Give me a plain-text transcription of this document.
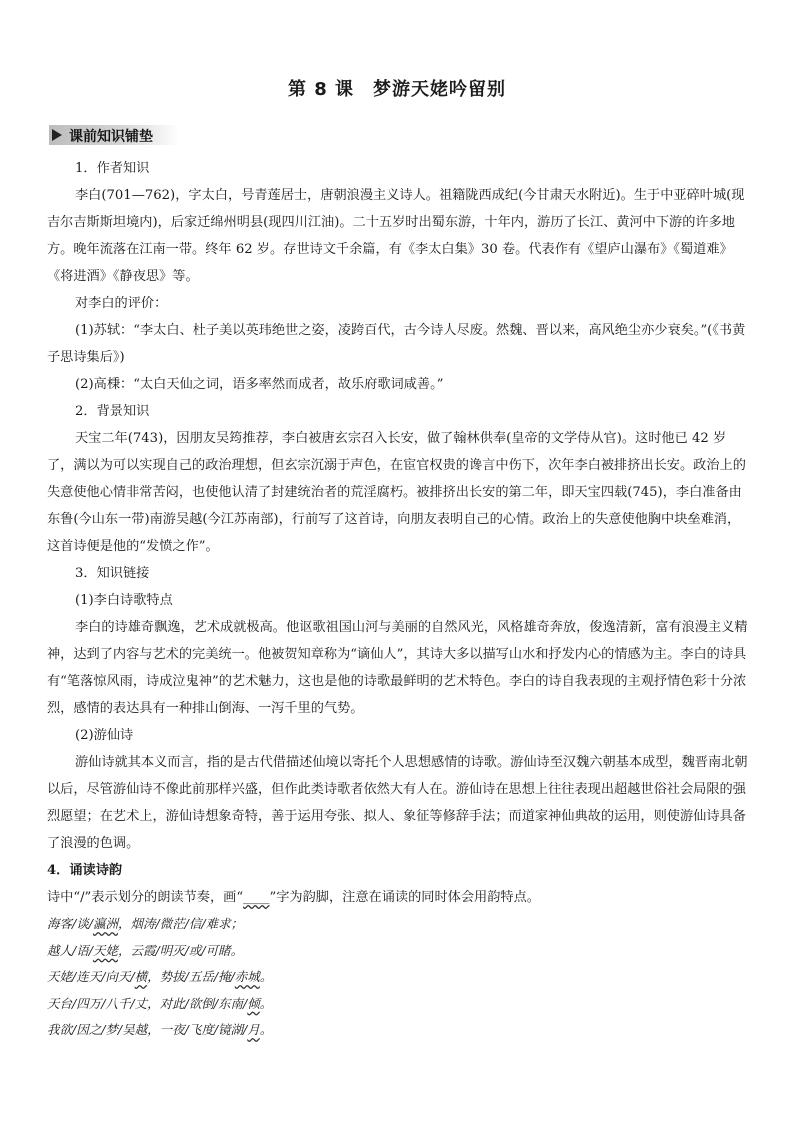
第 8 课　梦游天姥吟留别
课前知识铺垫

1．作者知识

李白(701—762)，字太白，号青莲居士，唐朝浪漫主义诗人。祖籍陇西成纪(今甘肃天水附近)。生于中亚碎叶城(现吉尔吉斯斯坦境内)，后家迁绵州明县(现四川江油)。二十五岁时出蜀东游，十年内，游历了长江、黄河中下游的许多地方。晚年流落在江南一带。终年 62 岁。存世诗文千余篇，有《李太白集》30 卷。代表作有《望庐山瀑布》《蜀道难》《将进酒》《静夜思》等。

对李白的评价：

(1)苏轼：“李太白、杜子美以英玮绝世之姿，凌跨百代，古今诗人尽废。然魏、晋以来，高风绝尘亦少衰矣。”(《书黄子思诗集后》)

(2)高棅：“太白天仙之词，语多率然而成者，故乐府歌词咸善。”

2．背景知识

天宝二年(743)，因朋友吴筠推荐，李白被唐玄宗召入长安，做了翰林供奉(皇帝的文学侍从官)。这时他已 42 岁了，满以为可以实现自己的政治理想，但玄宗沉溺于声色，在宦官权贵的谗言中伤下，次年李白被排挤出长安。政治上的失意使他心情非常苦闷，也使他认清了封建统治者的荒淫腐朽。被排挤出长安的第二年，即天宝四载(745)，李白准备由东鲁(今山东一带)南游吴越(今江苏南部)，行前写了这首诗，向朋友表明自己的心情。政治上的失意使他胸中块垒难消，这首诗便是他的“发愤之作”。

3．知识链接

(1)李白诗歌特点

李白的诗雄奇飘逸，艺术成就极高。他讴歌祖国山河与美丽的自然风光，风格雄奇奔放，俊逸清新，富有浪漫主义精神，达到了内容与艺术的完美统一。他被贺知章称为“谪仙人”，其诗大多以描写山水和抒发内心的情感为主。李白的诗具有“笔落惊风雨，诗成泣鬼神”的艺术魅力，这也是他的诗歌最鲜明的艺术特色。李白的诗自我表现的主观抒情色彩十分浓烈，感情的表达具有一种排山倒海、一泻千里的气势。

(2)游仙诗

游仙诗就其本义而言，指的是古代借描述仙境以寄托个人思想感情的诗歌。游仙诗至汉魏六朝基本成型，魏晋南北朝以后，尽管游仙诗不像此前那样兴盛，但作此类诗歌者依然大有人在。游仙诗在思想上往往表现出超越世俗社会局限的强烈愿望；在艺术上，游仙诗想象奇特，善于运用夸张、拟人、象征等修辞手法；而道家神仙典故的运用，则使游仙诗具备了浪漫的色调。

4．诵读诗韵

诗中“/”表示划分的朗读节奏，画“____”字为韵脚，注意在诵读的同时体会用韵特点。

海客/谈/瀛洲，烟涛/微茫/信/难求；
越人/语/天姥，云霞/明灭/或/可睹。
天姥/连天/向天/横，势拔/五岳/掩/赤城。
天台/四万/八千/丈，对此/欲倒/东南/倾。
我欲/因之/梦/吴越，一夜/飞度/镜湖/月。
